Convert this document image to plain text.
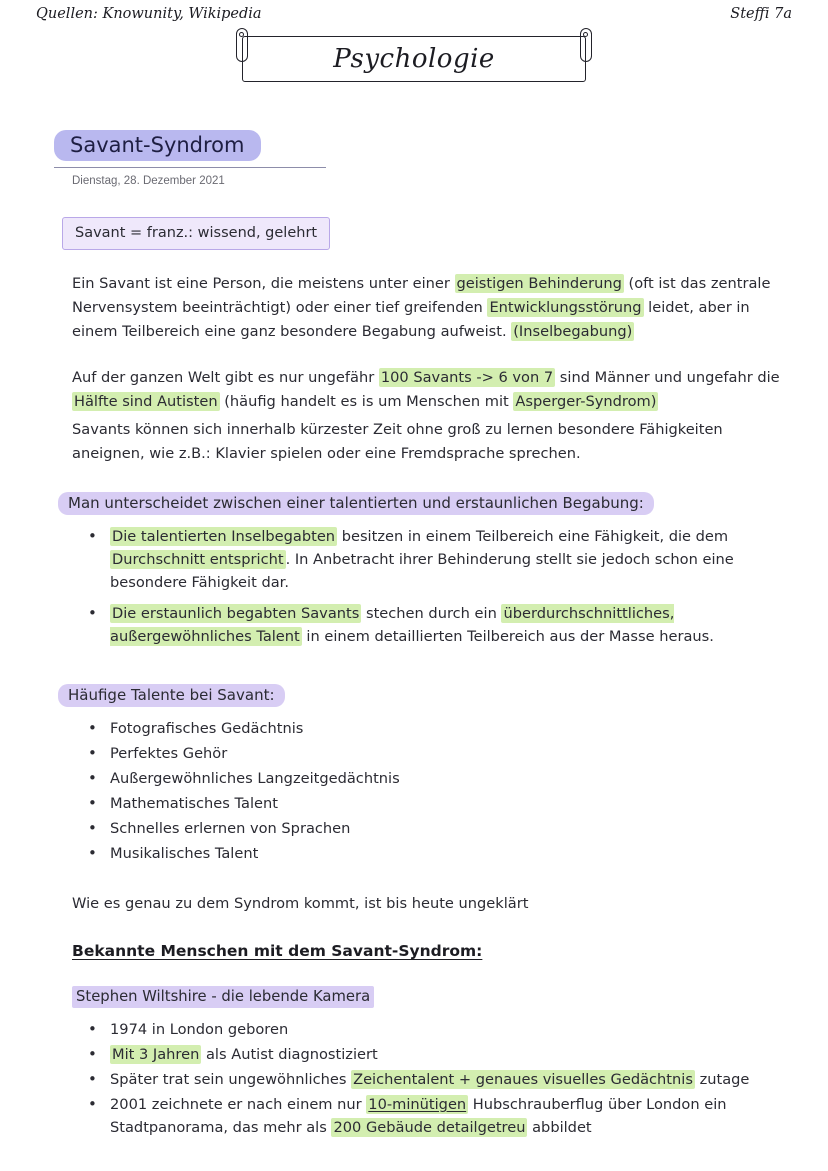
Quellen: Knowunity, Wikipedia	Steffi 7a
Psychologie
Savant-Syndrom
Dienstag, 28. Dezember 2021
Savant = franz.: wissend, gelehrt
Ein Savant ist eine Person, die meistens unter einer geistigen Behinderung (oft ist das zentrale Nervensystem beeinträchtigt) oder einer tief greifenden Entwicklungsstörung leidet, aber in einem Teilbereich eine ganz besondere Begabung aufweist. (Inselbegabung)
Auf der ganzen Welt gibt es nur ungefähr 100 Savants -> 6 von 7 sind Männer und ungefahr die Hälfte sind Autisten (häufig handelt es is um Menschen mit Asperger-Syndrom)
Savants können sich innerhalb kürzester Zeit ohne groß zu lernen besondere Fähigkeiten aneignen, wie z.B.: Klavier spielen oder eine Fremdsprache sprechen.
Man unterscheidet zwischen einer talentierten und erstaunlichen Begabung:
• Die talentierten Inselbegabten besitzen in einem Teilbereich eine Fähigkeit, die dem Durchschnitt entspricht . In Anbetracht ihrer Behinderung stellt sie jedoch schon eine besondere Fähigkeit dar.
• Die erstaunlich begabten Savants stechen durch ein überdurchschnittliches, außergewöhnliches Talent in einem detaillierten Teilbereich aus der Masse heraus.
Häufige Talente bei Savant:
• Fotografisches Gedächtnis
• Perfektes Gehör
• Außergewöhnliches Langzeitgedächtnis
• Mathematisches Talent
• Schnelles erlernen von Sprachen
• Musikalisches Talent
Wie es genau zu dem Syndrom kommt, ist bis heute ungeklärt
Bekannte Menschen mit dem Savant-Syndrom:
Stephen Wiltshire - die lebende Kamera
• 1974 in London geboren
• Mit 3 Jahren als Autist diagnostiziert
• Später trat sein ungewöhnliches Zeichentalent + genaues visuelles Gedächtnis zutage
• 2001 zeichnete er nach einem nur 10-minütigen Hubschrauberflug über London ein Stadtpanorama, das mehr als 200 Gebäude detailgetreu abbildet
